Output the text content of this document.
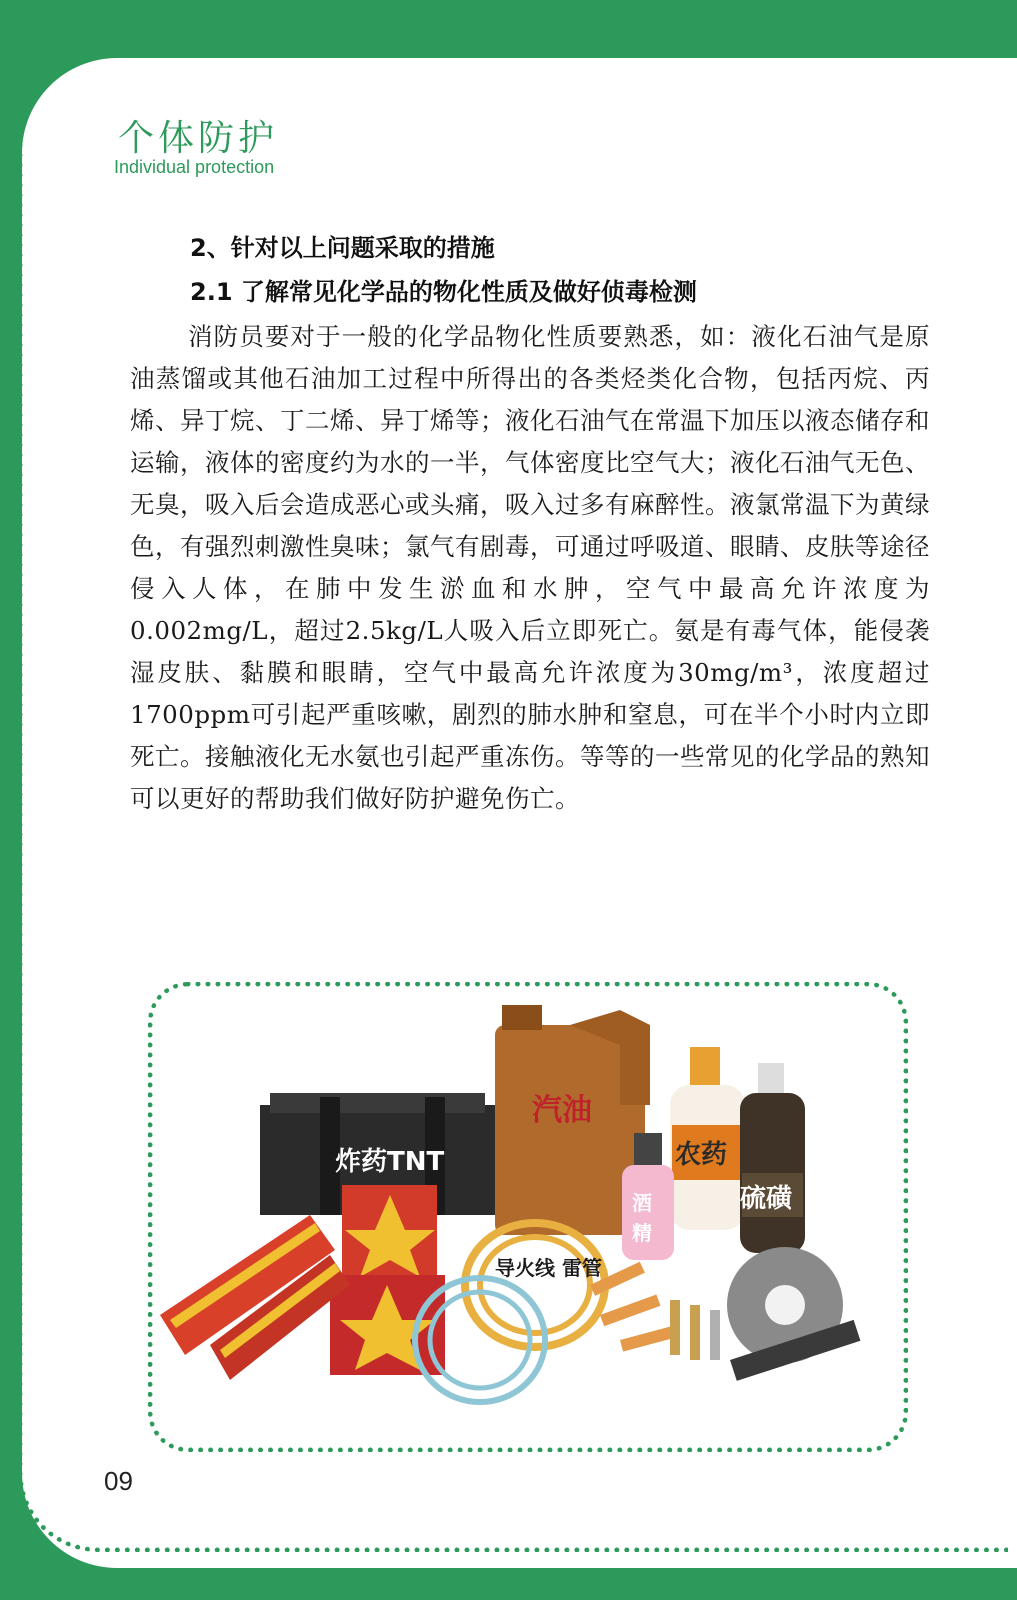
个体防护
Individual protection
2、针对以上问题采取的措施
2.1 了解常见化学品的物化性质及做好侦毒检测
消防员要对于一般的化学品物化性质要熟悉，如：液化石油气是原油蒸馏或其他石油加工过程中所得出的各类烃类化合物，包括丙烷、丙烯、异丁烷、丁二烯、异丁烯等；液化石油气在常温下加压以液态储存和运输，液体的密度约为水的一半，气体密度比空气大；液化石油气无色、无臭，吸入后会造成恶心或头痛，吸入过多有麻醉性。液氯常温下为黄绿色，有强烈刺激性臭味；氯气有剧毒，可通过呼吸道、眼睛、皮肤等途径侵入人体，在肺中发生淤血和水肿，空气中最高允许浓度为0.002mg/L，超过2.5kg/L人吸入后立即死亡。氨是有毒气体，能侵袭湿皮肤、黏膜和眼睛，空气中最高允许浓度为30mg/m³，浓度超过1700ppm可引起严重咳嗽，剧烈的肺水肿和窒息，可在半个小时内立即死亡。接触液化无水氨也引起严重冻伤。等等的一些常见的化学品的熟知可以更好的帮助我们做好防护避免伤亡。
炸药TNT
汽油
农药
硫磺
酒
精
导火线 雷管
09
